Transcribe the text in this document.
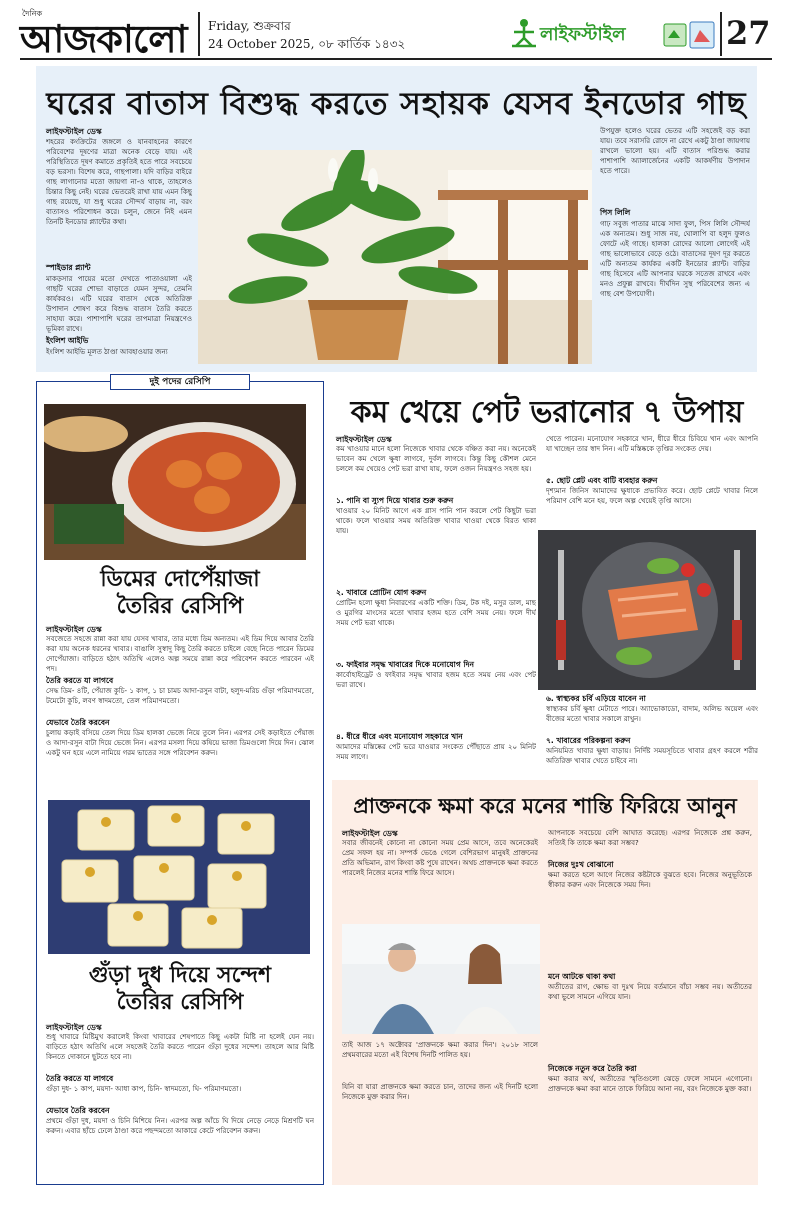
দৈনিক
আজকালো Friday, শুক্রবার
24 October 2025, ০৮ কার্তিক ১৪৩২	লাইফস্টাইল	27
ঘরের বাতাস বিশুদ্ধ করতে সহায়ক যেসব ইনডোর গাছ
লাইফস্টাইল ডেস্ক
শহরের কংক্রিটের জঙ্গলে ও যানবাহনের কারণে পরিবেশের দূষণের মাত্রা অনেক বেড়ে যায়। এই পরিস্থিতিতে দূষণ কমাতে প্রকৃতিই হতে পারে সবচেয়ে বড় ভরসা। বিশেষ করে, গাছপালা। যদি বাড়ির বাইরে গাছ লাগানোর মতো জায়গা না-ও থাকে, তাহলেও চিন্তার কিছু নেই। ঘরের ভেতরেই রাখা যায় এমন কিছু গাছ রয়েছে, যা শুধু ঘরের সৌন্দর্য বাড়ায় না, বরং বাতাসও পরিশোধন করে। চলুন, জেনে নিই এমন তিনটি ইনডোর প্ল্যান্টের কথা।
স্পাইডার প্ল্যান্ট
মাকড়সার পায়ের মতো দেখতে পাতাওয়ালা এই গাছটি ঘরের শোভা বাড়াতে যেমন সুন্দর, তেমনি কার্যকরও। এটি ঘরের বাতাস থেকে অতিরিক্ত উপাদান শোষণ করে বিশুদ্ধ বাতাস তৈরি করতে সাহায্য করে। পাশাপাশি ঘরের তাপমাত্রা নিয়ন্ত্রণেও ভূমিকা রাখে।
ইংলিশ আইভি
ইংলিশ আইভি মূলত ঠাণ্ডা আবহাওয়ার জন্য
উপযুক্ত হলেও ঘরের ভেতর এটি সহজেই বড় করা যায়। তবে সরাসরি রোদে না রেখে একটু ঠাণ্ডা জায়গায় রাখলে ভালো হয়। এটি বাতাস পরিশুদ্ধ করার পাশাপাশি অ্যালার্জেনের একটি আকর্ষণীয় উপাদান হতে পারে।
পিস লিলি
গাঢ় সবুজ পাতার মাঝে সাদা ফুল, পিস লিলি সৌন্দর্য এক অন্যতম। শুধু সাজ নয়, ঘোলাপি বা হলুদ ফুলও ফোটে এই গাছে। হালকা রোদের আলো লোগেই এই গাছ ভালোভাবে বেড়ে ওঠে। বাতাসের দূষণ দূর করতে এটি অন্যতম কার্যকর একটি ইনডোর প্ল্যান্ট। বাড়ির গাছ হিসেবে এটি আপনার ঘরকে সতেজ রাখবে এবং মনও প্রফুল্ল রাখবে। দীর্ঘদিন সুস্থ পরিবেশের জন্য এ গাছ বেশ উপযোগী।
দুই পদের রেসিপি
ডিমের দোপেঁয়াজা
তৈরির রেসিপি
লাইফস্টাইল ডেস্ক
সবজেতে সহজে রান্না করা যায় যেসব খাবার, তার মধ্যে ডিম অন্যতম। এই ডিম দিয়ে আবার তৈরি করা যায় অনেক ধরনের খাবার। বাঙালি সুস্বাদু কিছু তৈরি করতে চাইলে বেছে নিতে পারেন ডিমের দোপেঁয়াজা। বাড়িতে হঠাৎ অতিথি এলেও অল্প সময়ে রান্না করে পরিবেশন করতে পারবেন এই পদ।
তৈরি করতে যা লাগবে
সেদ্ধ ডিম- ৪টি, পেঁয়াজ কুচি- ১ কাপ, ১ চা চামচ আদা-রসুন বাটা, হলুদ-মরিচ গুঁড়া পরিমাণমতো, টমেটো কুচি, লবণ স্বাদমতো, তেল পরিমাণমতো।
যেভাবে তৈরি করবেন
চুলায় কড়াই বসিয়ে তেল দিয়ে ডিম হালকা ভেজে নিয়ে তুলে নিন। এরপর সেই কড়াইতে পেঁয়াজ ও আদা-রসুন বাটা দিয়ে ভেজে নিন। এরপর মসলা দিয়ে কষিয়ে ভাজা ডিমগুলো দিয়ে দিন। ঝোল একটু ঘন হয়ে এলে নামিয়ে গরম ভাতের সঙ্গে পরিবেশন করুন।
গুঁড়া দুধ দিয়ে সন্দেশ
তৈরির রেসিপি
লাইফস্টাইল ডেস্ক
শুধু খাবারে মিষ্টিমুখ করালেই কিংবা খাবারের শেষপাতে কিছু একটা মিষ্টি না হলেই যেন নয়। বাড়িতে হঠাৎ অতিথি এলে সহজেই তৈরি করতে পারেন গুঁড়া দুধের সন্দেশ। তাহলে আর মিষ্টি কিনতে দোকানে ছুটতে হবে না।
তৈরি করতে যা লাগবে
গুঁড়া দুধ- ১ কাপ, ময়দা- আধা কাপ, চিনি- স্বাদমতো, ঘি- পরিমাণমতো।
যেভাবে তৈরি করবেন
প্রথমে গুঁড়া দুধ, ময়দা ও চিনি মিশিয়ে নিন। এরপর অল্প আঁচে ঘি দিয়ে নেড়ে নেড়ে মিশ্রণটি ঘন করুন। এবার ছাঁচে ঢেলে ঠাণ্ডা করে পছন্দমতো আকারে কেটে পরিবেশন করুন।
কম খেয়ে পেট ভরানোর ৭ উপায়
লাইফস্টাইল ডেস্ক
কম খাওয়ার মানে হলো নিজেকে খাবার থেকে বঞ্চিত করা নয়। অনেকেই ভাবেন কম খেলে ক্ষুধা লাগবে, দুর্বল লাগবে। কিন্তু কিছু কৌশল মেনে চললে কম খেয়েও পেট ভরা রাখা যায়, ফলে ওজন নিয়ন্ত্রণও সহজ হয়।
১. পানি বা স্যুপ দিয়ে খাবার শুরু করুন
খাওয়ার ২০ মিনিট আগে এক গ্লাস পানি পান করলে পেট কিছুটা ভরা থাকে। ফলে খাওয়ার সময় অতিরিক্ত খাবার খাওয়া থেকে বিরত থাকা যায়।
২. খাবারে প্রোটিন যোগ করুন
প্রোটিন হলো ক্ষুধা নিবারণের একটি শক্তি। ডিম, টক দই, মসুর ডাল, মাছ ও মুরগির মাংসের মতো খাবার হজম হতে বেশি সময় নেয়। ফলে দীর্ঘ সময় পেট ভরা থাকে।
৩. ফাইবার সমৃদ্ধ খাবারের দিকে মনোযোগ দিন
কার্বোহাইড্রেট ও ফাইবার সমৃদ্ধ খাবার হজম হতে সময় নেয় এবং পেট ভরা রাখে।
৪. ধীরে ধীরে এবং মনোযোগ সহকারে খান
আমাদের মস্তিষ্কের পেট ভরে যাওয়ার সংকেত পৌঁছাতে প্রায় ২০ মিনিট সময় লাগে।
খেতে পারেন। মনোযোগ সহকারে খান, ধীরে ধীরে চিবিয়ে খান এবং আপনি যা খাচ্ছেন তার স্বাদ নিন। এটি মস্তিষ্ককে তৃপ্তির সংকেত দেয়।
৫. ছোট প্লেট এবং বাটি ব্যবহার করুন
দৃশ্যমান জিনিস আমাদের ক্ষুধাকে প্রভাবিত করে। ছোট প্লেটে খাবার নিলে পরিমাণ বেশি মনে হয়, ফলে অল্প খেয়েই তৃপ্তি আসে।
৬. স্বাস্থ্যকর চর্বি এড়িয়ে যাবেন না
স্বাস্থ্যকর চর্বি ক্ষুধা মেটাতে পারে। অ্যাভোকাডো, বাদাম, অলিভ অয়েল এবং বীজের মতো খাবার সকালে রাখুন।
৭. খাবারের পরিকল্পনা করুন
অনিয়মিত খাবার ক্ষুধা বাড়ায়। নির্দিষ্ট সময়সূচিতে খাবার গ্রহণ করলে শরীর অতিরিক্ত খাবার খেতে চাইবে না।
প্রাক্তনকে ক্ষমা করে মনের শান্তি ফিরিয়ে আনুন
লাইফস্টাইল ডেস্ক
সবার জীবনেই কোনো না কোনো সময় প্রেম আসে, তবে অনেকেরই প্রেম সফল হয় না। সম্পর্ক ভেঙে গেলে বেশিরভাগ মানুষই প্রাক্তনের প্রতি অভিমান, রাগ কিংবা কষ্ট পুষে রাখেন। অথচ প্রাক্তনকে ক্ষমা করতে পারলেই নিজের মনের শান্তি ফিরে আসে।
তাই আজ ১৭ অক্টোবর 'প্রাক্তনকে ক্ষমা করার দিন'। ২০১৮ সালে প্রথমবারের মতো এই বিশেষ দিনটি পালিত হয়।
যিনি বা যারা প্রাক্তনকে ক্ষমা করতে চান, তাদের জন্য এই দিনটি হলো নিজেকে মুক্ত করার দিন।
আপনাকে সবচেয়ে বেশি আঘাত করেছে। এরপর নিজেকে প্রশ্ন করুন, সত্যিই কি তাকে ক্ষমা করা সম্ভব?
নিজের দুঃখ বোঝানো
ক্ষমা করতে হলে আগে নিজের কষ্টটাকে বুঝতে হবে। নিজের অনুভূতিকে স্বীকার করুন এবং নিজেকে সময় দিন।
মনে আটকে থাকা কথা
অতীতের রাগ, ক্ষোভ বা দুঃখ নিয়ে বর্তমানে বাঁচা সম্ভব নয়। অতীতের কথা ভুলে সামনে এগিয়ে যান।
নিজেকে নতুন করে তৈরি করা
ক্ষমা করার অর্থ, অতীতের স্মৃতিগুলো ঝেড়ে ফেলে সামনে এগোনো। প্রাক্তনকে ক্ষমা করা মানে তাকে ফিরিয়ে আনা নয়, বরং নিজেকে মুক্ত করা।
